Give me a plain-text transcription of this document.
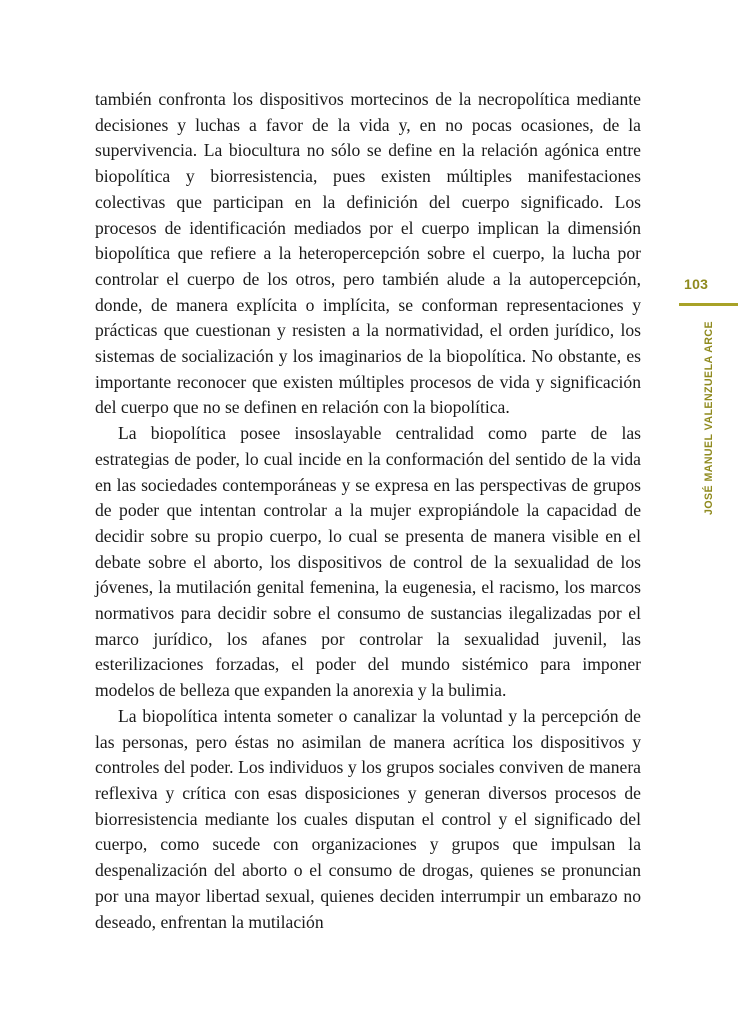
también confronta los dispositivos mortecinos de la necropolítica mediante decisiones y luchas a favor de la vida y, en no pocas ocasiones, de la supervivencia. La biocultura no sólo se define en la relación agónica entre biopolítica y biorresistencia, pues existen múltiples manifestaciones colectivas que participan en la definición del cuerpo significado. Los procesos de identificación mediados por el cuerpo implican la dimensión biopolítica que refiere a la heteropercepción sobre el cuerpo, la lucha por controlar el cuerpo de los otros, pero también alude a la autopercepción, donde, de manera explícita o implícita, se conforman representaciones y prácticas que cuestionan y resisten a la normatividad, el orden jurídico, los sistemas de socialización y los imaginarios de la biopolítica. No obstante, es importante reconocer que existen múltiples procesos de vida y significación del cuerpo que no se definen en relación con la biopolítica.

La biopolítica posee insoslayable centralidad como parte de las estrategias de poder, lo cual incide en la conformación del sentido de la vida en las sociedades contemporáneas y se expresa en las perspectivas de grupos de poder que intentan controlar a la mujer expropiándole la capacidad de decidir sobre su propio cuerpo, lo cual se presenta de manera visible en el debate sobre el aborto, los dispositivos de control de la sexualidad de los jóvenes, la mutilación genital femenina, la eugenesia, el racismo, los marcos normativos para decidir sobre el consumo de sustancias ilegalizadas por el marco jurídico, los afanes por controlar la sexualidad juvenil, las esterilizaciones forzadas, el poder del mundo sistémico para imponer modelos de belleza que expanden la anorexia y la bulimia.

La biopolítica intenta someter o canalizar la voluntad y la percepción de las personas, pero éstas no asimilan de manera acrítica los dispositivos y controles del poder. Los individuos y los grupos sociales conviven de manera reflexiva y crítica con esas disposiciones y generan diversos procesos de biorresistencia mediante los cuales disputan el control y el significado del cuerpo, como sucede con organizaciones y grupos que impulsan la despenalización del aborto o el consumo de drogas, quienes se pronuncian por una mayor libertad sexual, quienes deciden interrumpir un embarazo no deseado, enfrentan la mutilación

103
JOSÉ MANUEL VALENZUELA ARCE
